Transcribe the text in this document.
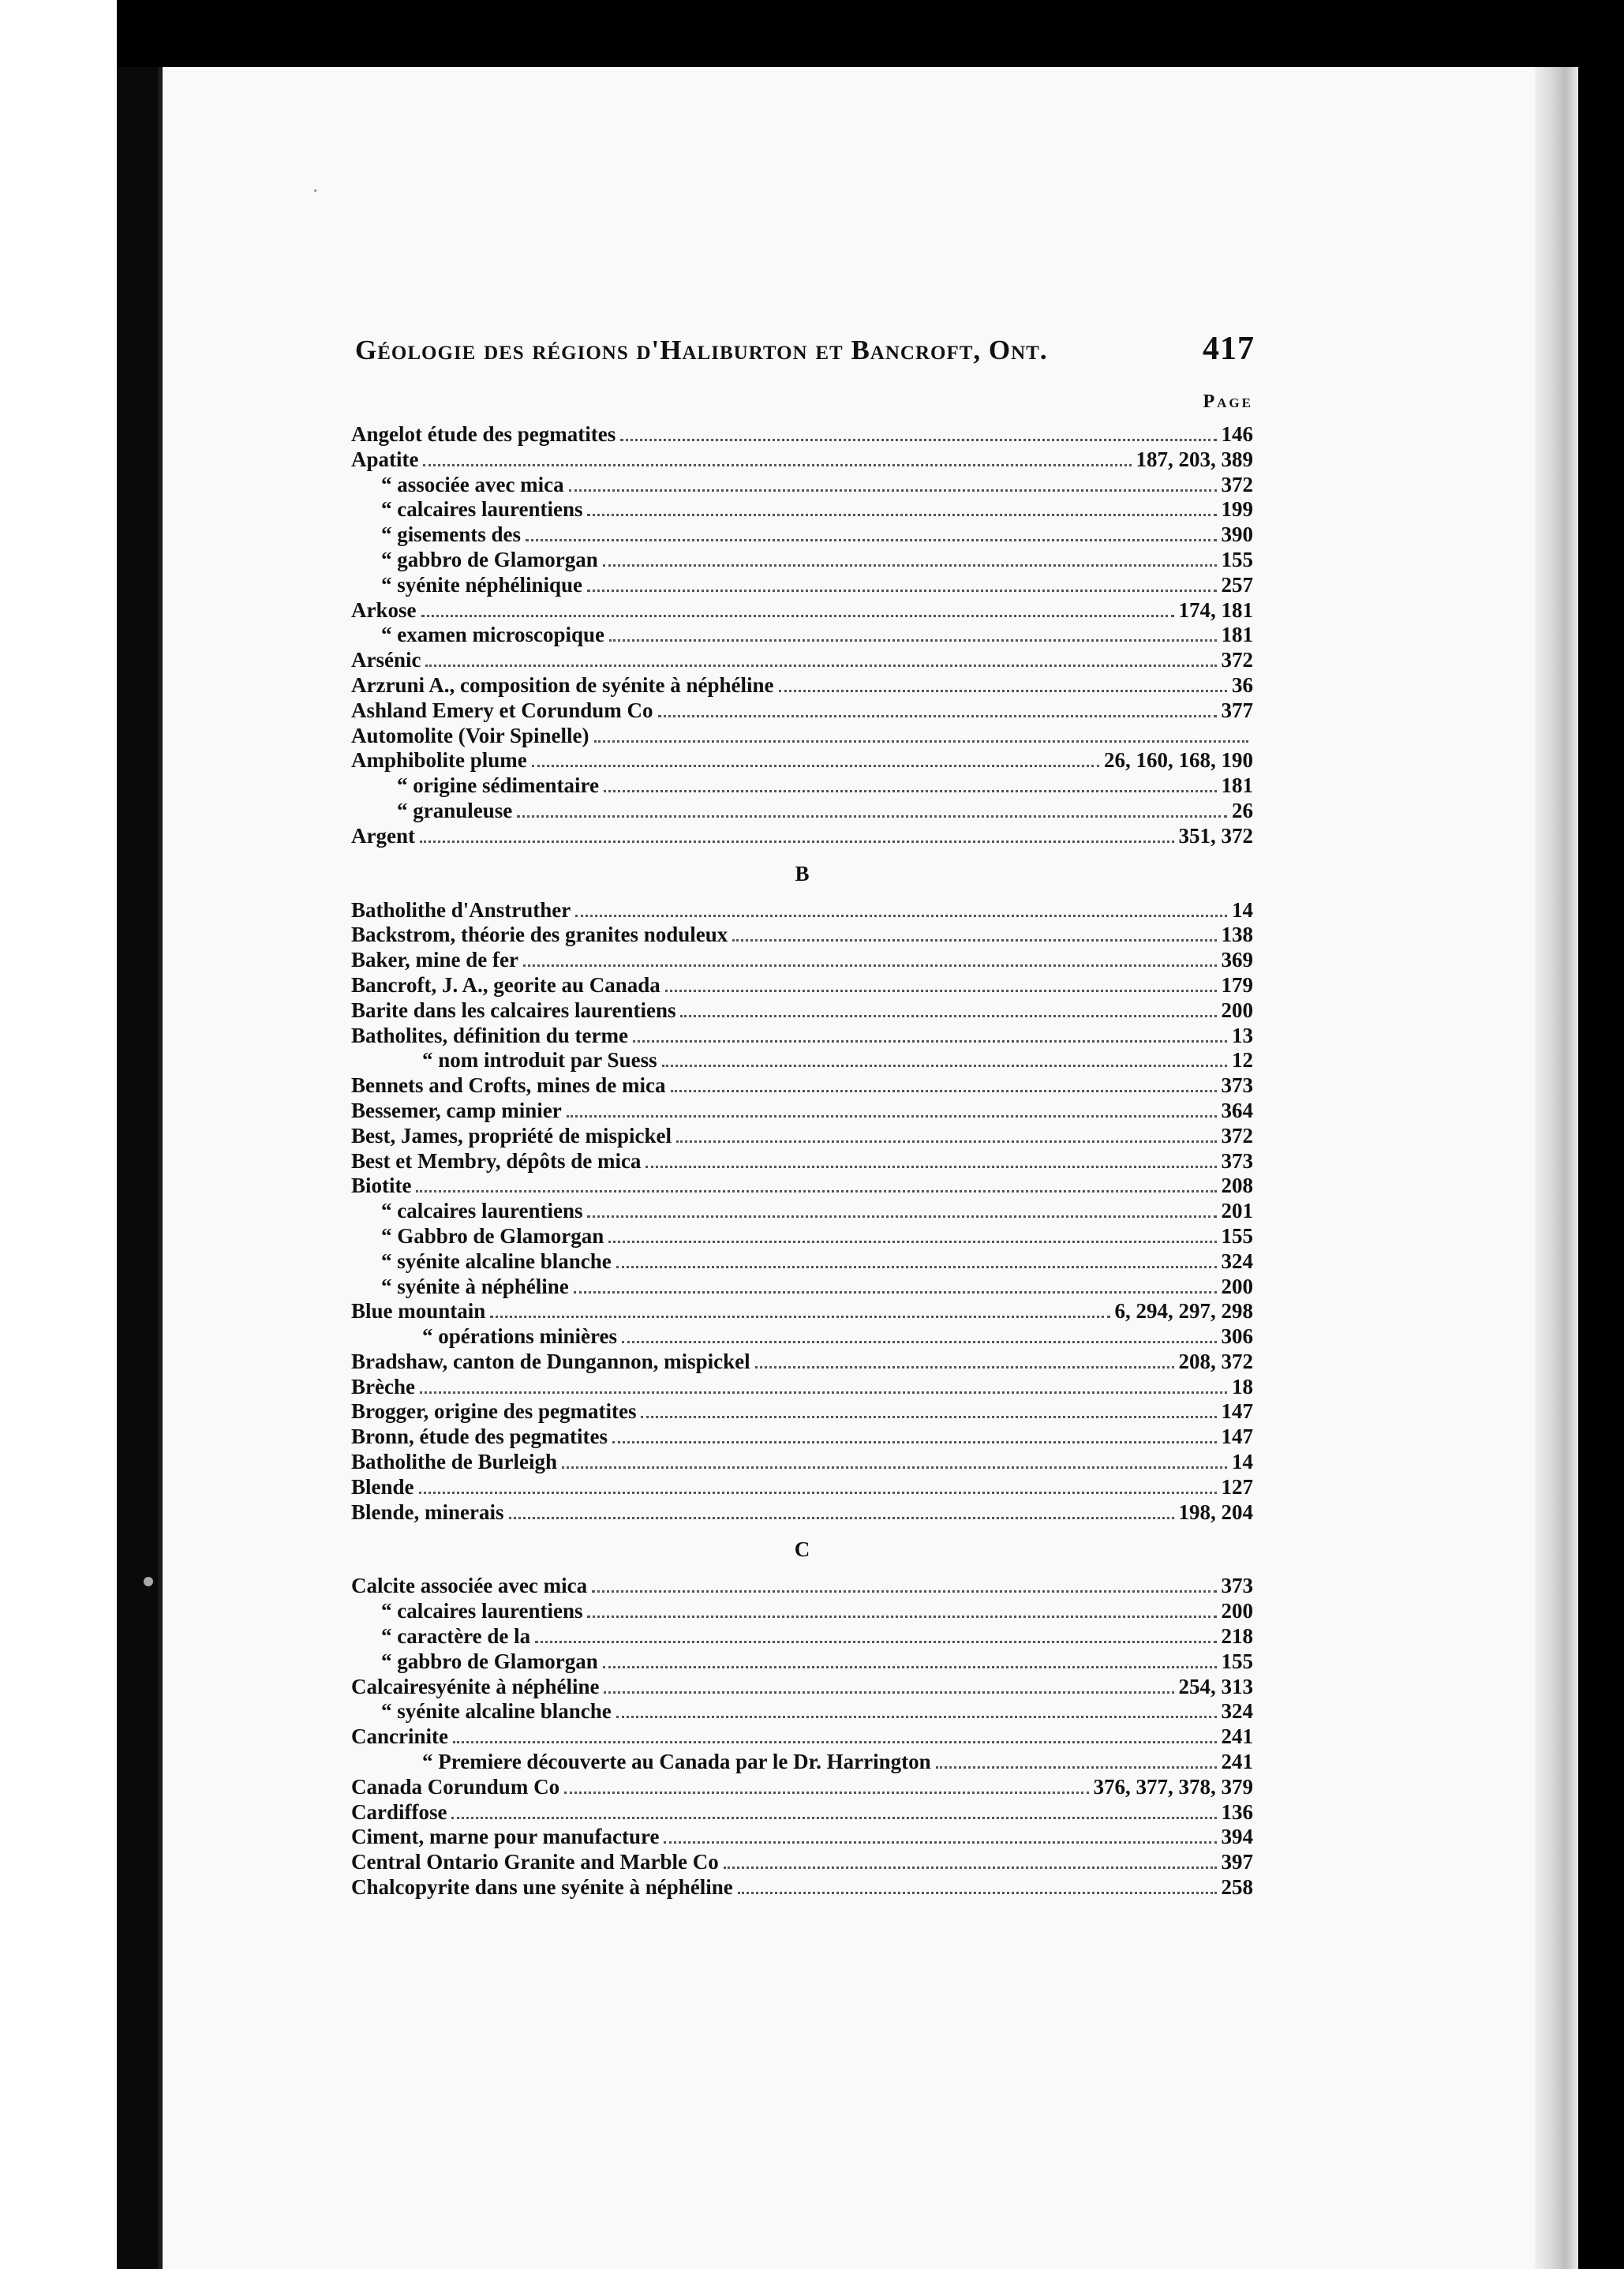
Géologie des régions d'Haliburton et Bancroft, Ont.	417
Page
Angelot étude des pegmatites	146
Apatite	187, 203, 389
“ associée avec mica	372
“ calcaires laurentiens	199
“ gisements des	390
“ gabbro de Glamorgan	155
“ syénite néphélinique	257
Arkose	174, 181
“ examen microscopique	181
Arsénic	372
Arzruni A., composition de syénite à néphéline	36
Ashland Emery et Corundum Co	377
Automolite (Voir Spinelle)
Amphibolite plume	26, 160, 168, 190
“ origine sédimentaire	181
“ granuleuse	26
Argent	351, 372
B
Batholithe d'Anstruther	14
Backstrom, théorie des granites noduleux	138
Baker, mine de fer	369
Bancroft, J. A., georite au Canada	179
Barite dans les calcaires laurentiens	200
Batholites, définition du terme	13
“ nom introduit par Suess	12
Bennets and Crofts, mines de mica	373
Bessemer, camp minier	364
Best, James, propriété de mispickel	372
Best et Membry, dépôts de mica	373
Biotite	208
“ calcaires laurentiens	201
“ Gabbro de Glamorgan	155
“ syénite alcaline blanche	324
“ syénite à néphéline	200
Blue mountain	6, 294, 297, 298
“ opérations minières	306
Bradshaw, canton de Dungannon, mispickel	208, 372
Brèche	18
Brogger, origine des pegmatites	147
Bronn, étude des pegmatites	147
Batholithe de Burleigh	14
Blende	127
Blende, minerais	198, 204
C
Calcite associée avec mica	373
“ calcaires laurentiens	200
“ caractère de la	218
“ gabbro de Glamorgan	155
Calcairesyénite à néphéline	254, 313
“ syénite alcaline blanche	324
Cancrinite	241
“ Premiere découverte au Canada par le Dr. Harrington	241
Canada Corundum Co	376, 377, 378, 379
Cardiffose	136
Ciment, marne pour manufacture	394
Central Ontario Granite and Marble Co	397
Chalcopyrite dans une syénite à néphéline	258
